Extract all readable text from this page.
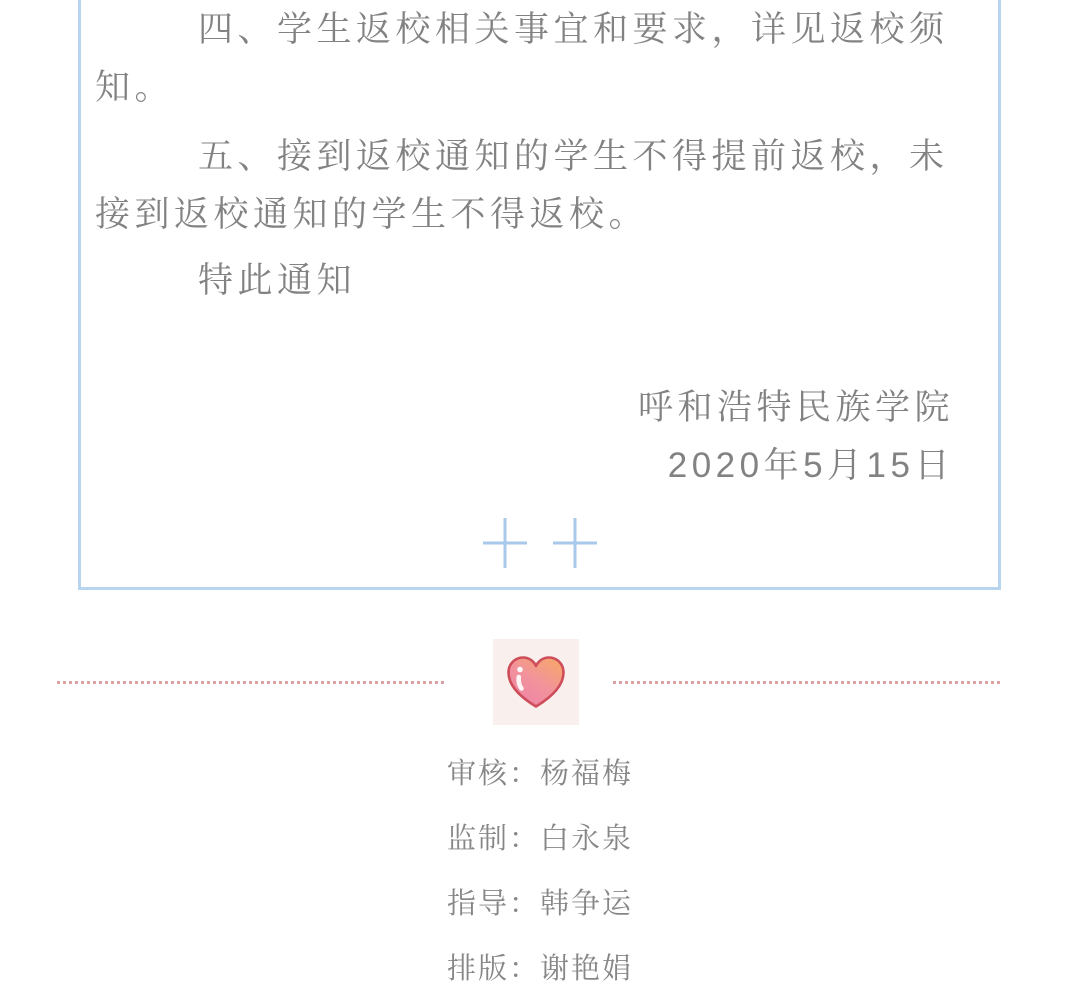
四、学生返校相关事宜和要求，详见返校须
知。
五、接到返校通知的学生不得提前返校，未
接到返校通知的学生不得返校。
特此通知
呼和浩特民族学院
2020年5月15日
审核：杨福梅
监制：白永泉
指导：韩争运
排版：谢艳娟
